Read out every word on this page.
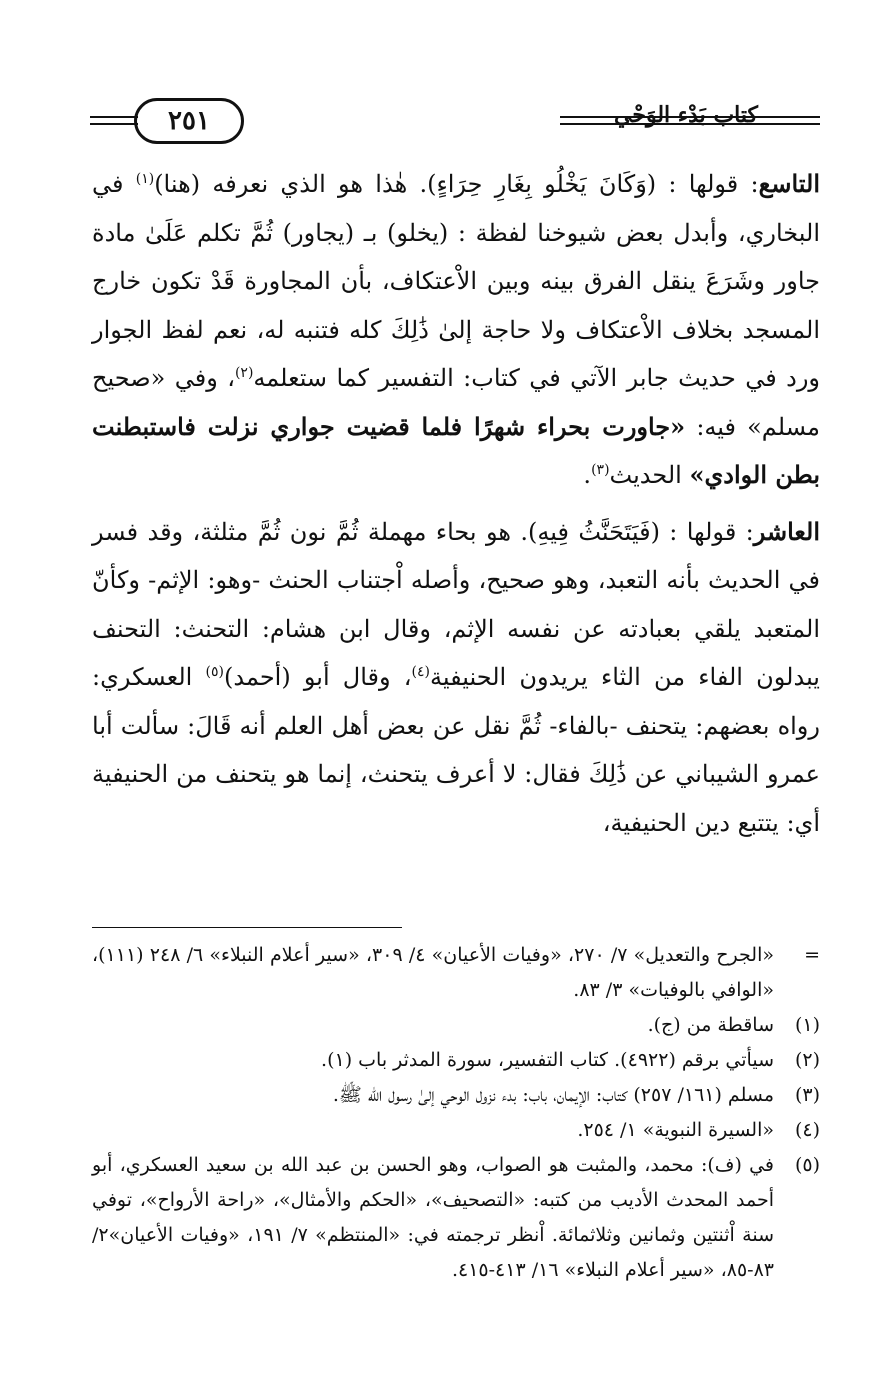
٢٥١	كتاب بَدْء الوَحْي

التاسع: قولها : (وَكَانَ يَخْلُو بِغَارِ حِرَاءٍ). هٰذا هو الذي نعرفه (هنا)$^{(١)}$ في البخاري، وأبدل بعض شيوخنا لفظة : (يخلو) بـ (يجاور) ثُمَّ تكلم عَلَىٰ مادة جاور وشَرَعَ ينقل الفرق بينه وبين الاْعتكاف، بأن المجاورة قَدْ تكون خارج المسجد بخلاف الاْعتكاف ولا حاجة إلىٰ ذَٰلِكَ كله فتنبه له، نعم لفظ الجوار ورد في حديث جابر الآتي في كتاب: التفسير كما ستعلمه$^{(٢)}$، وفي «صحيح مسلم» فيه: «جاورت بحراء شهرًا فلما قضيت جواري نزلت فاستبطنت بطن الوادي» الحديث$^{(٣)}$.

العاشر: قولها : (فَيَتَحَنَّثُ فِيهِ). هو بحاء مهملة ثُمَّ نون ثُمَّ مثلثة، وقد فسر في الحديث بأنه التعبد، وهو صحيح، وأصله اْجتناب الحنث -وهو: الإثم- وكأنّ المتعبد يلقي بعبادته عن نفسه الإثم، وقال ابن هشام: التحنث: التحنف يبدلون الفاء من الثاء يريدون الحنيفية$^{(٤)}$، وقال أبو (أحمد)$^{(٥)}$ العسكري: رواه بعضهم: يتحنف -بالفاء- ثُمَّ نقل عن بعض أهل العلم أنه قَالَ: سألت أبا عمرو الشيباني عن ذَٰلِكَ فقال: لا أعرف يتحنث، إنما هو يتحنف من الحنيفية أي: يتتبع دين الحنيفية،

=
«الجرح والتعديل» ٧/ ٢٧٠، «وفيات الأعيان» ٤/ ٣٠٩، «سير أعلام النبلاء» ٦/ ٢٤٨ (١١١)، «الوافي بالوفيات» ٣/ ٨٣.

(١)
ساقطة من (ج).

(٢)
سيأتي برقم (٤٩٢٢). كتاب التفسير، سورة المدثر باب (١).

(٣)
مسلم (١٦١/ ٢٥٧) كتاب: الإيمان، باب: بدء نزول الوحي إلىٰ رسول الله ﷺ.

(٤)
«السيرة النبوية» ١/ ٢٥٤.

(٥)
في (ف): محمد، والمثبت هو الصواب، وهو الحسن بن عبد الله بن سعيد العسكري، أبو أحمد المحدث الأديب من كتبه: «التصحيف»، «الحكم والأمثال»، «راحة الأرواح»، توفي سنة اْثنتين وثمانين وثلاثمائة. اْنظر ترجمته في: «المنتظم» ٧/ ١٩١، «وفيات الأعيان»٢/ ٨٣-٨٥، «سير أعلام النبلاء» ١٦/ ٤١٣-٤١٥.
